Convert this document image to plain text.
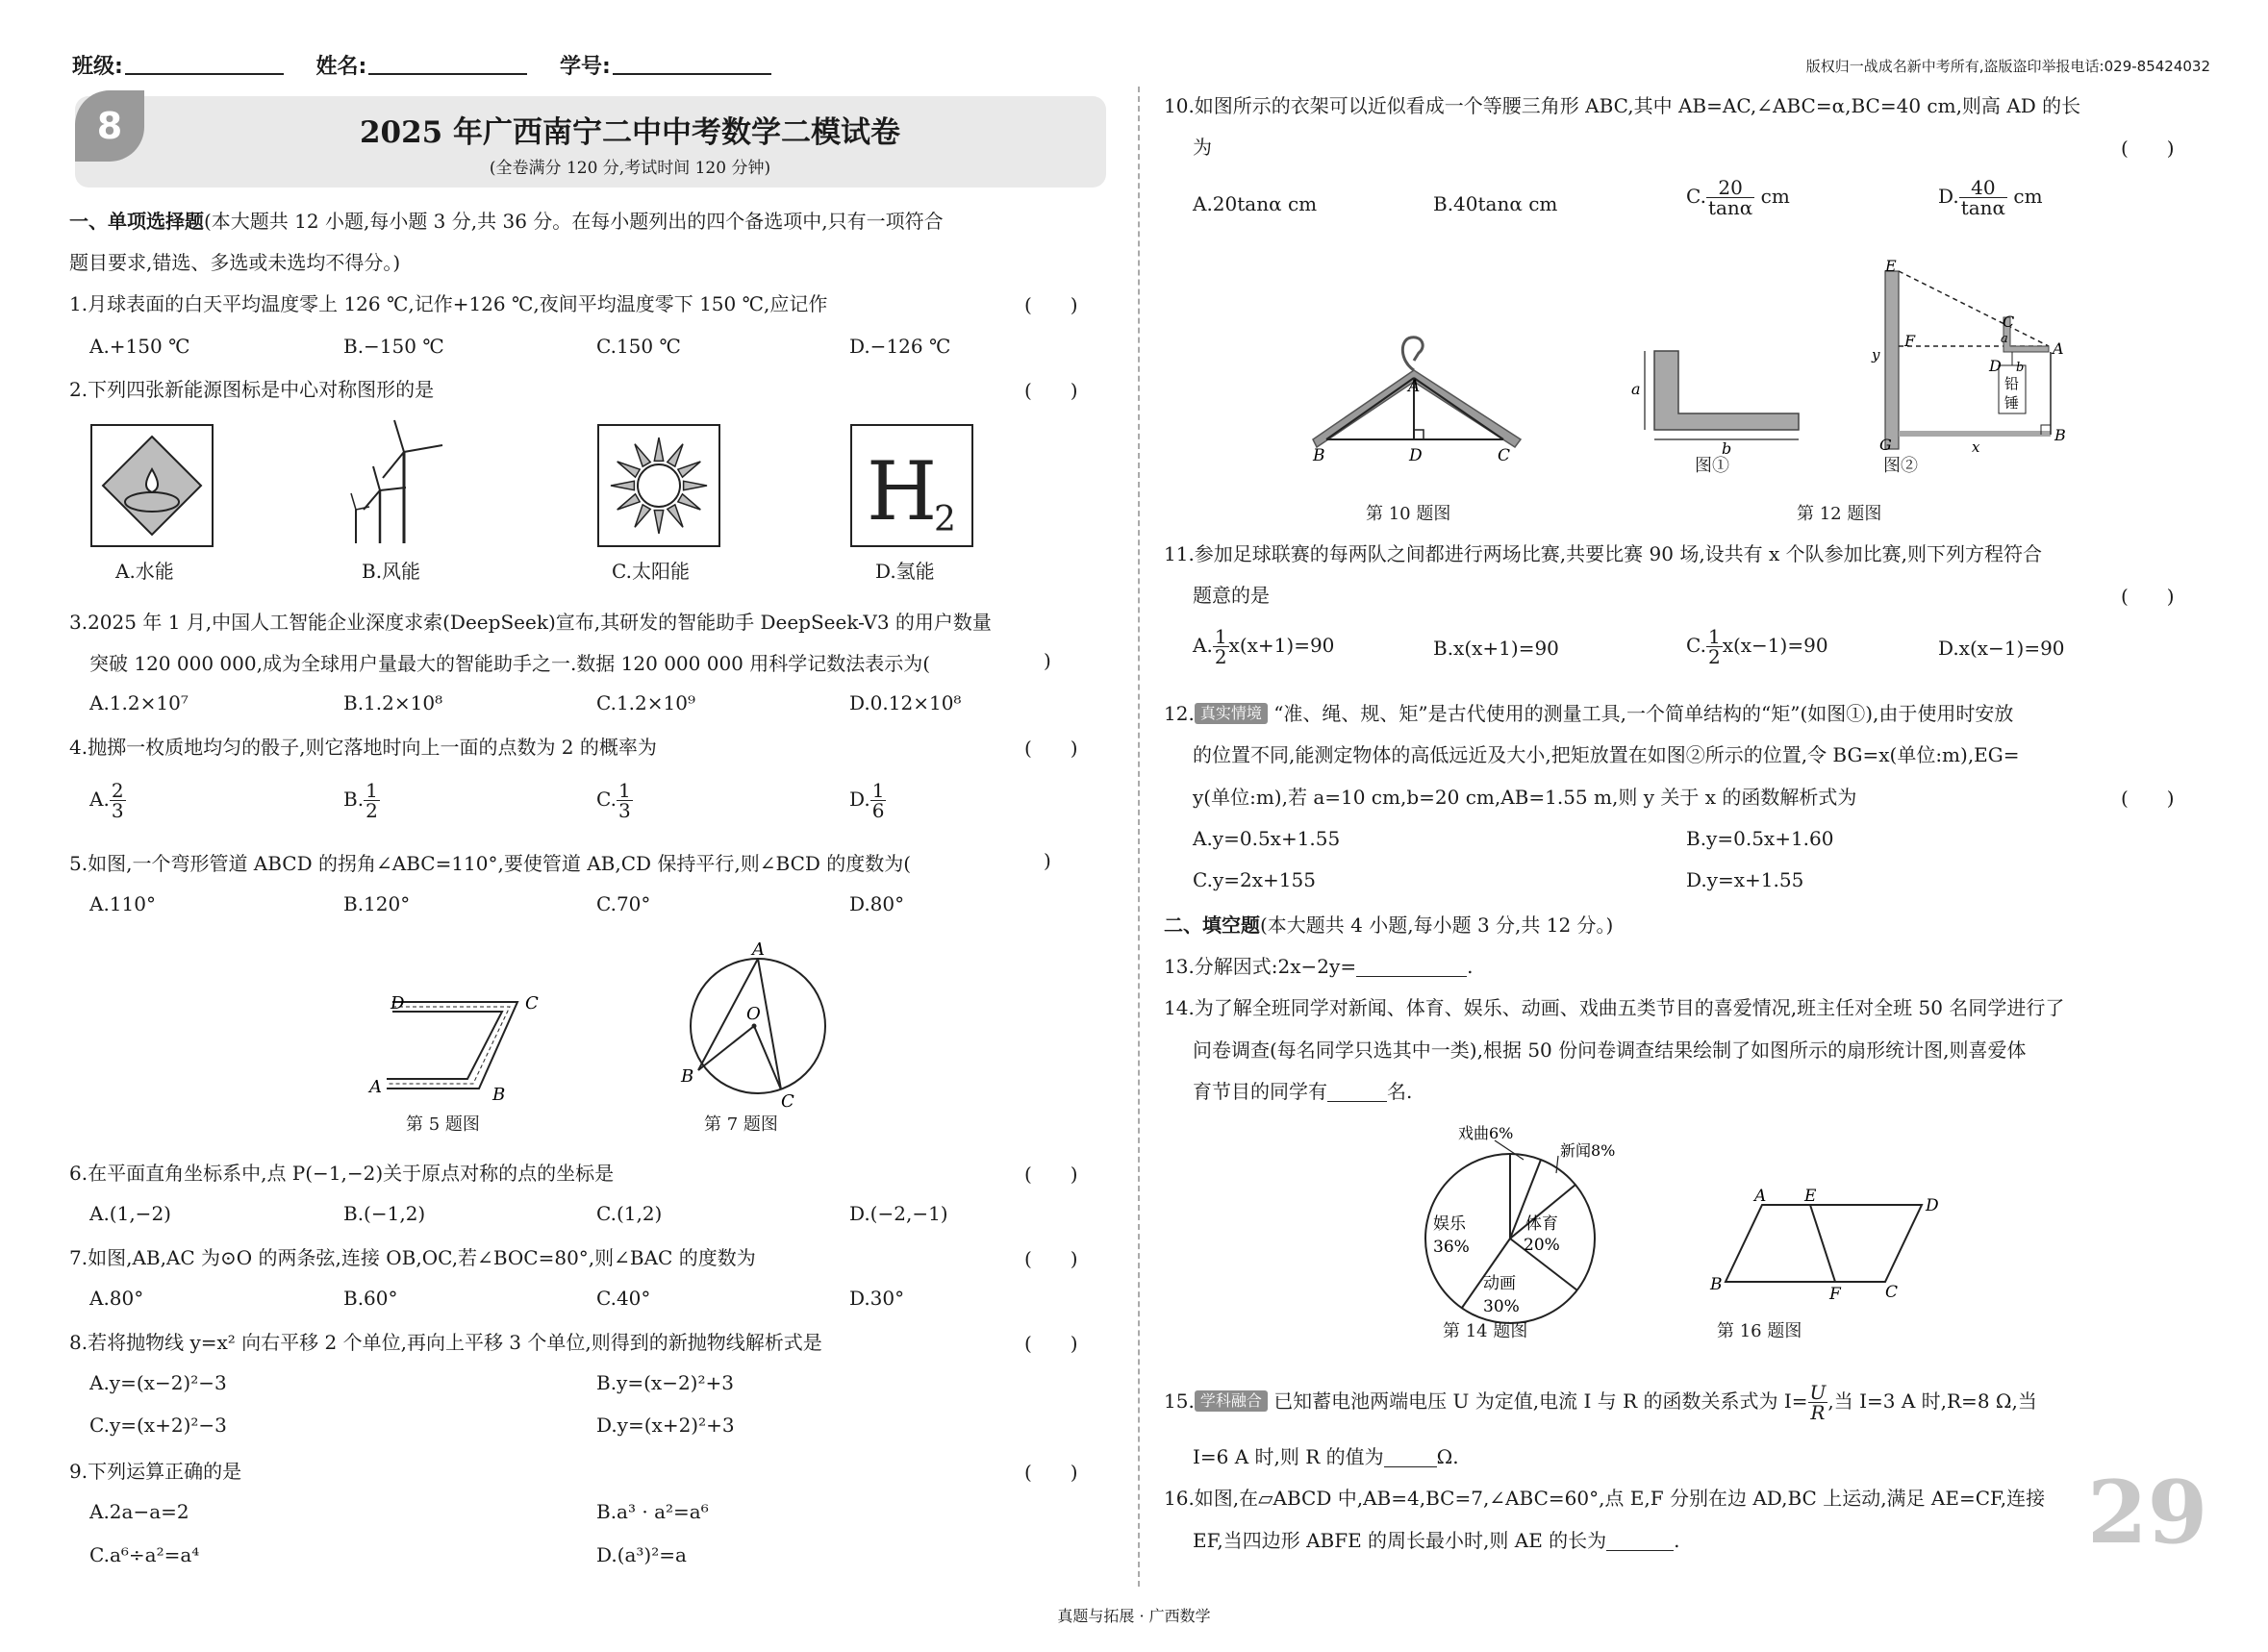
班级:	姓名:	学号:	版权归一战成名新中考所有,盗版盗印举报电话:029-85424032
8	2025 年广西南宁二中中考数学二模试卷
(全卷满分 120 分,考试时间 120 分钟)
一、单项选择题(本大题共 12 小题,每小题 3 分,共 36 分。在每小题列出的四个备选项中,只有一项符合
题目要求,错选、多选或未选均不得分。)
1.月球表面的白天平均温度零上 126 ℃,记作+126 ℃,夜间平均温度零下 150 ℃,应记作	(　　)
A.+150 ℃	B.−150 ℃	C.150 ℃	D.−126 ℃
2.下列四张新能源图标是中心对称图形的是	(　　)
H
2
A.水能	B.风能	C.太阳能	D.氢能
3.2025 年 1 月,中国人工智能企业深度求索(DeepSeek)宣布,其研发的智能助手 DeepSeek-V3 的用户数量
突破 120 000 000,成为全球用户量最大的智能助手之一.数据 120 000 000 用科学记数法表示为(	)
A.1.2×10⁷	B.1.2×10⁸	C.1.2×10⁹	D.0.12×10⁸
4.抛掷一枚质地均匀的骰子,则它落地时向上一面的点数为 2 的概率为	(　　)
A. $\frac{2}{3}$	B. $\frac{1}{2}$	C. $\frac{1}{3}$	D. $\frac{1}{6}$
5.如图,一个弯形管道 ABCD 的拐角∠ABC=110°,要使管道 AB,CD 保持平行,则∠BCD 的度数为(	)
A.110°	B.120°	C.70°	D.80°
D	C
A	B
第 5 题图
A
O
B
C
第 7 题图
6.在平面直角坐标系中,点 P(−1,−2)关于原点对称的点的坐标是	(　　)
A.(1,−2)	B.(−1,2)	C.(1,2)	D.(−2,−1)
7.如图,AB,AC 为⊙O 的两条弦,连接 OB,OC,若∠BOC=80°,则∠BAC 的度数为	(　　)
A.80°	B.60°	C.40°	D.30°
8.若将抛物线 y=x² 向右平移 2 个单位,再向上平移 3 个单位,则得到的新抛物线解析式是	(　　)
A.y=(x−2)²−3	B.y=(x−2)²+3
C.y=(x+2)²−3	D.y=(x+2)²+3
9.下列运算正确的是	(　　)
A.2a−a=2	B.a³ · a²=a⁶
C.a⁶÷a²=a⁴	D.(a³)²=a
10.如图所示的衣架可以近似看成一个等腰三角形 ABC,其中 AB=AC,∠ABC=α,BC=40 cm,则高 AD 的长
为	(　　)
A.20tanα cm	B.40tanα cm	C. $\frac{20}{\tan\alpha}$ cm	D. $\frac{40}{\tan\alpha}$ cm
A
B	D	C
第 10 题图
a
b
图①
E
F
C
a
A
D b
铅
锤
y
G	x
B
图②
第 12 题图
11.参加足球联赛的每两队之间都进行两场比赛,共要比赛 90 场,设共有 x 个队参加比赛,则下列方程符合
题意的是	(　　)
A. $\frac{1}{2} x(x+1)=90$	B.x(x+1)=90	C. $\frac{1}{2} x(x-1)=90$	D.x(x−1)=90
12. 真实情境 “准、绳、规、矩”是古代使用的测量工具,一个简单结构的“矩”(如图①),由于使用时安放
的位置不同,能测定物体的高低远近及大小,把矩放置在如图②所示的位置,令 BG=x(单位:m),EG=
y(单位:m),若 a=10 cm,b=20 cm,AB=1.55 m,则 y 关于 x 的函数解析式为	(　　)
A.y=0.5x+1.55	B.y=0.5x+1.60
C.y=2x+155	D.y=x+1.55
二、填空题(本大题共 4 小题,每小题 3 分,共 12 分。)
13.分解因式:2x−2y=	.
14.为了解全班同学对新闻、体育、娱乐、动画、戏曲五类节目的喜爱情况,班主任对全班 50 名同学进行了
问卷调查(每名同学只选其中一类),根据 50 份问卷调查结果绘制了如图所示的扇形统计图,则喜爱体
育节目的同学有	名.
戏曲6%
新闻8%
体育
20%
动画
30%
娱乐
36%
第 14 题图
A E	D
B	F	C
第 16 题图
15. 学科融合 已知蓄电池两端电压 U 为定值,电流 I 与 R 的函数关系式为 $I= \frac{U}{R}$ ,当 I=3 A 时,R=8 Ω,当
I=6 A 时,则 R 的值为	Ω.
16.如图,在▱ABCD 中,AB=4,BC=7,∠ABC=60°,点 E,F 分别在边 AD,BC 上运动,满足 AE=CF,连接
EF,当四边形 ABFE 的周长最小时,则 AE 的长为	.	29
真题与拓展 · 广西数学
